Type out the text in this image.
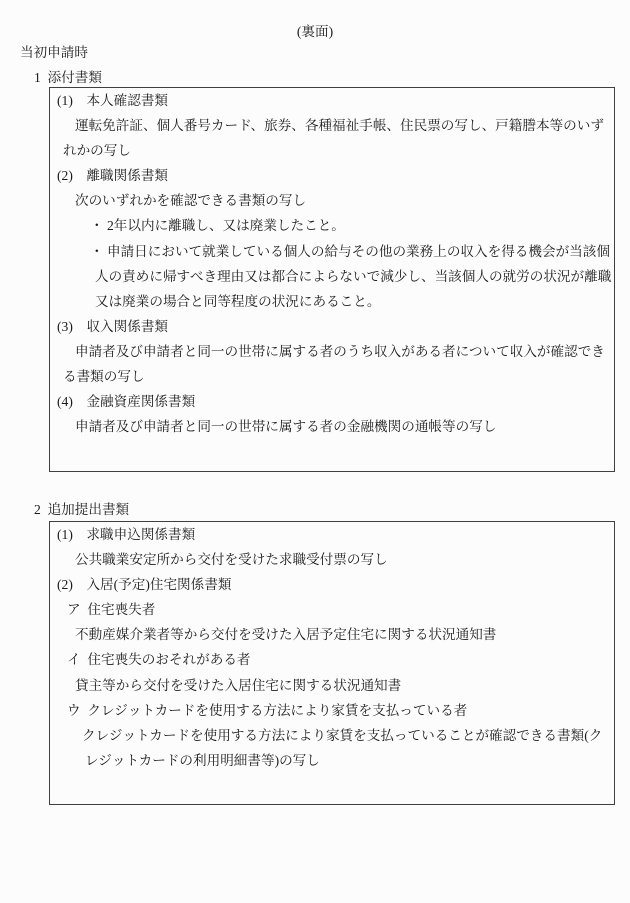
(裏面)
当初申請時
1  添付書類
(1)　本人確認書類
運転免許証、個人番号カード、旅券、各種福祉手帳、住民票の写し、戸籍謄本等のいず
れかの写し
(2)　離職関係書類
次のいずれかを確認できる書類の写し
・ 2年以内に離職し、又は廃業したこと。
・ 申請日において就業している個人の給与その他の業務上の収入を得る機会が当該個
人の責めに帰すべき理由又は都合によらないで減少し、当該個人の就労の状況が離職
又は廃業の場合と同等程度の状況にあること。
(3)　収入関係書類
申請者及び申請者と同一の世帯に属する者のうち収入がある者について収入が確認でき
る書類の写し
(4)　金融資産関係書類
申請者及び申請者と同一の世帯に属する者の金融機関の通帳等の写し
2  追加提出書類
(1)　求職申込関係書類
公共職業安定所から交付を受けた求職受付票の写し
(2)　入居(予定)住宅関係書類
ア  住宅喪失者
不動産媒介業者等から交付を受けた入居予定住宅に関する状況通知書
イ  住宅喪失のおそれがある者
貸主等から交付を受けた入居住宅に関する状況通知書
ウ  クレジットカードを使用する方法により家賃を支払っている者
クレジットカードを使用する方法により家賃を支払っていることが確認できる書類(ク
レジットカードの利用明細書等)の写し
